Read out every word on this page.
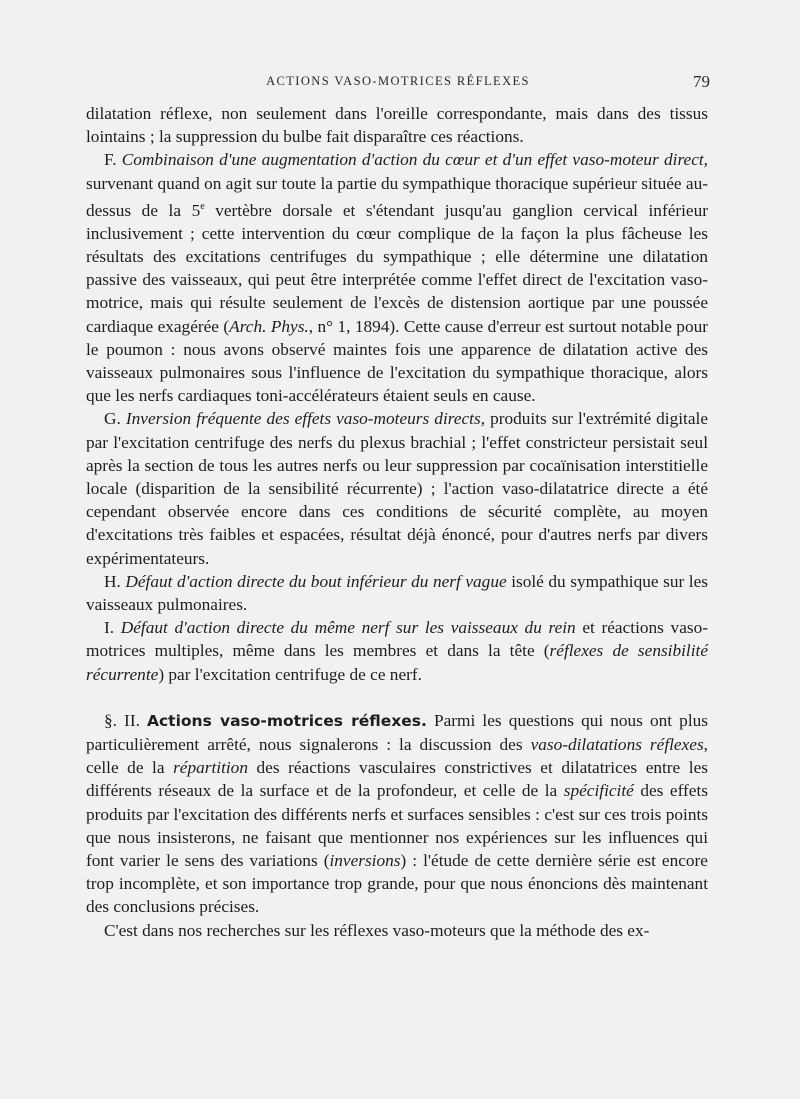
ACTIONS VASO-MOTRICES RÉFLEXES	79

dilatation réflexe, non seulement dans l'oreille correspondante, mais dans des tissus lointains ; la suppression du bulbe fait disparaître ces réactions.

F. Combinaison d'une augmentation d'action du cœur et d'un effet vaso-moteur direct, survenant quand on agit sur toute la partie du sympathique thoracique supérieur située au-dessus de la 5e vertèbre dorsale et s'étendant jusqu'au ganglion cervical inférieur inclusivement ; cette intervention du cœur complique de la façon la plus fâcheuse les résultats des excitations centrifuges du sympathique ; elle détermine une dilatation passive des vaisseaux, qui peut être interprétée comme l'effet direct de l'excitation vaso-motrice, mais qui résulte seulement de l'excès de distension aortique par une poussée cardiaque exagérée (Arch. Phys., n° 1, 1894). Cette cause d'erreur est surtout notable pour le poumon : nous avons observé maintes fois une apparence de dilatation active des vaisseaux pulmonaires sous l'influence de l'excitation du sympathique thoracique, alors que les nerfs cardiaques toni-accélérateurs étaient seuls en cause.

G. Inversion fréquente des effets vaso-moteurs directs, produits sur l'extrémité digitale par l'excitation centrifuge des nerfs du plexus brachial ; l'effet constricteur persistait seul après la section de tous les autres nerfs ou leur suppression par cocaïnisation interstitielle locale (disparition de la sensibilité récurrente) ; l'action vaso-dilatatrice directe a été cependant observée encore dans ces conditions de sécurité complète, au moyen d'excitations très faibles et espacées, résultat déjà énoncé, pour d'autres nerfs par divers expérimentateurs.

H. Défaut d'action directe du bout inférieur du nerf vague isolé du sympathique sur les vaisseaux pulmonaires.

I. Défaut d'action directe du même nerf sur les vaisseaux du rein et réactions vaso-motrices multiples, même dans les membres et dans la tête (réflexes de sensibilité récurrente) par l'excitation centrifuge de ce nerf.

§. II. Actions vaso-motrices réflexes. Parmi les questions qui nous ont plus particulièrement arrêté, nous signalerons : la discussion des vaso-dilatations réflexes, celle de la répartition des réactions vasculaires constrictives et dilatatrices entre les différents réseaux de la surface et de la profondeur, et celle de la spécificité des effets produits par l'excitation des différents nerfs et surfaces sensibles : c'est sur ces trois points que nous insisterons, ne faisant que mentionner nos expériences sur les influences qui font varier le sens des variations (inversions) : l'étude de cette dernière série est encore trop incomplète, et son importance trop grande, pour que nous énoncions dès maintenant des conclusions précises.

C'est dans nos recherches sur les réflexes vaso-moteurs que la méthode des ex-
